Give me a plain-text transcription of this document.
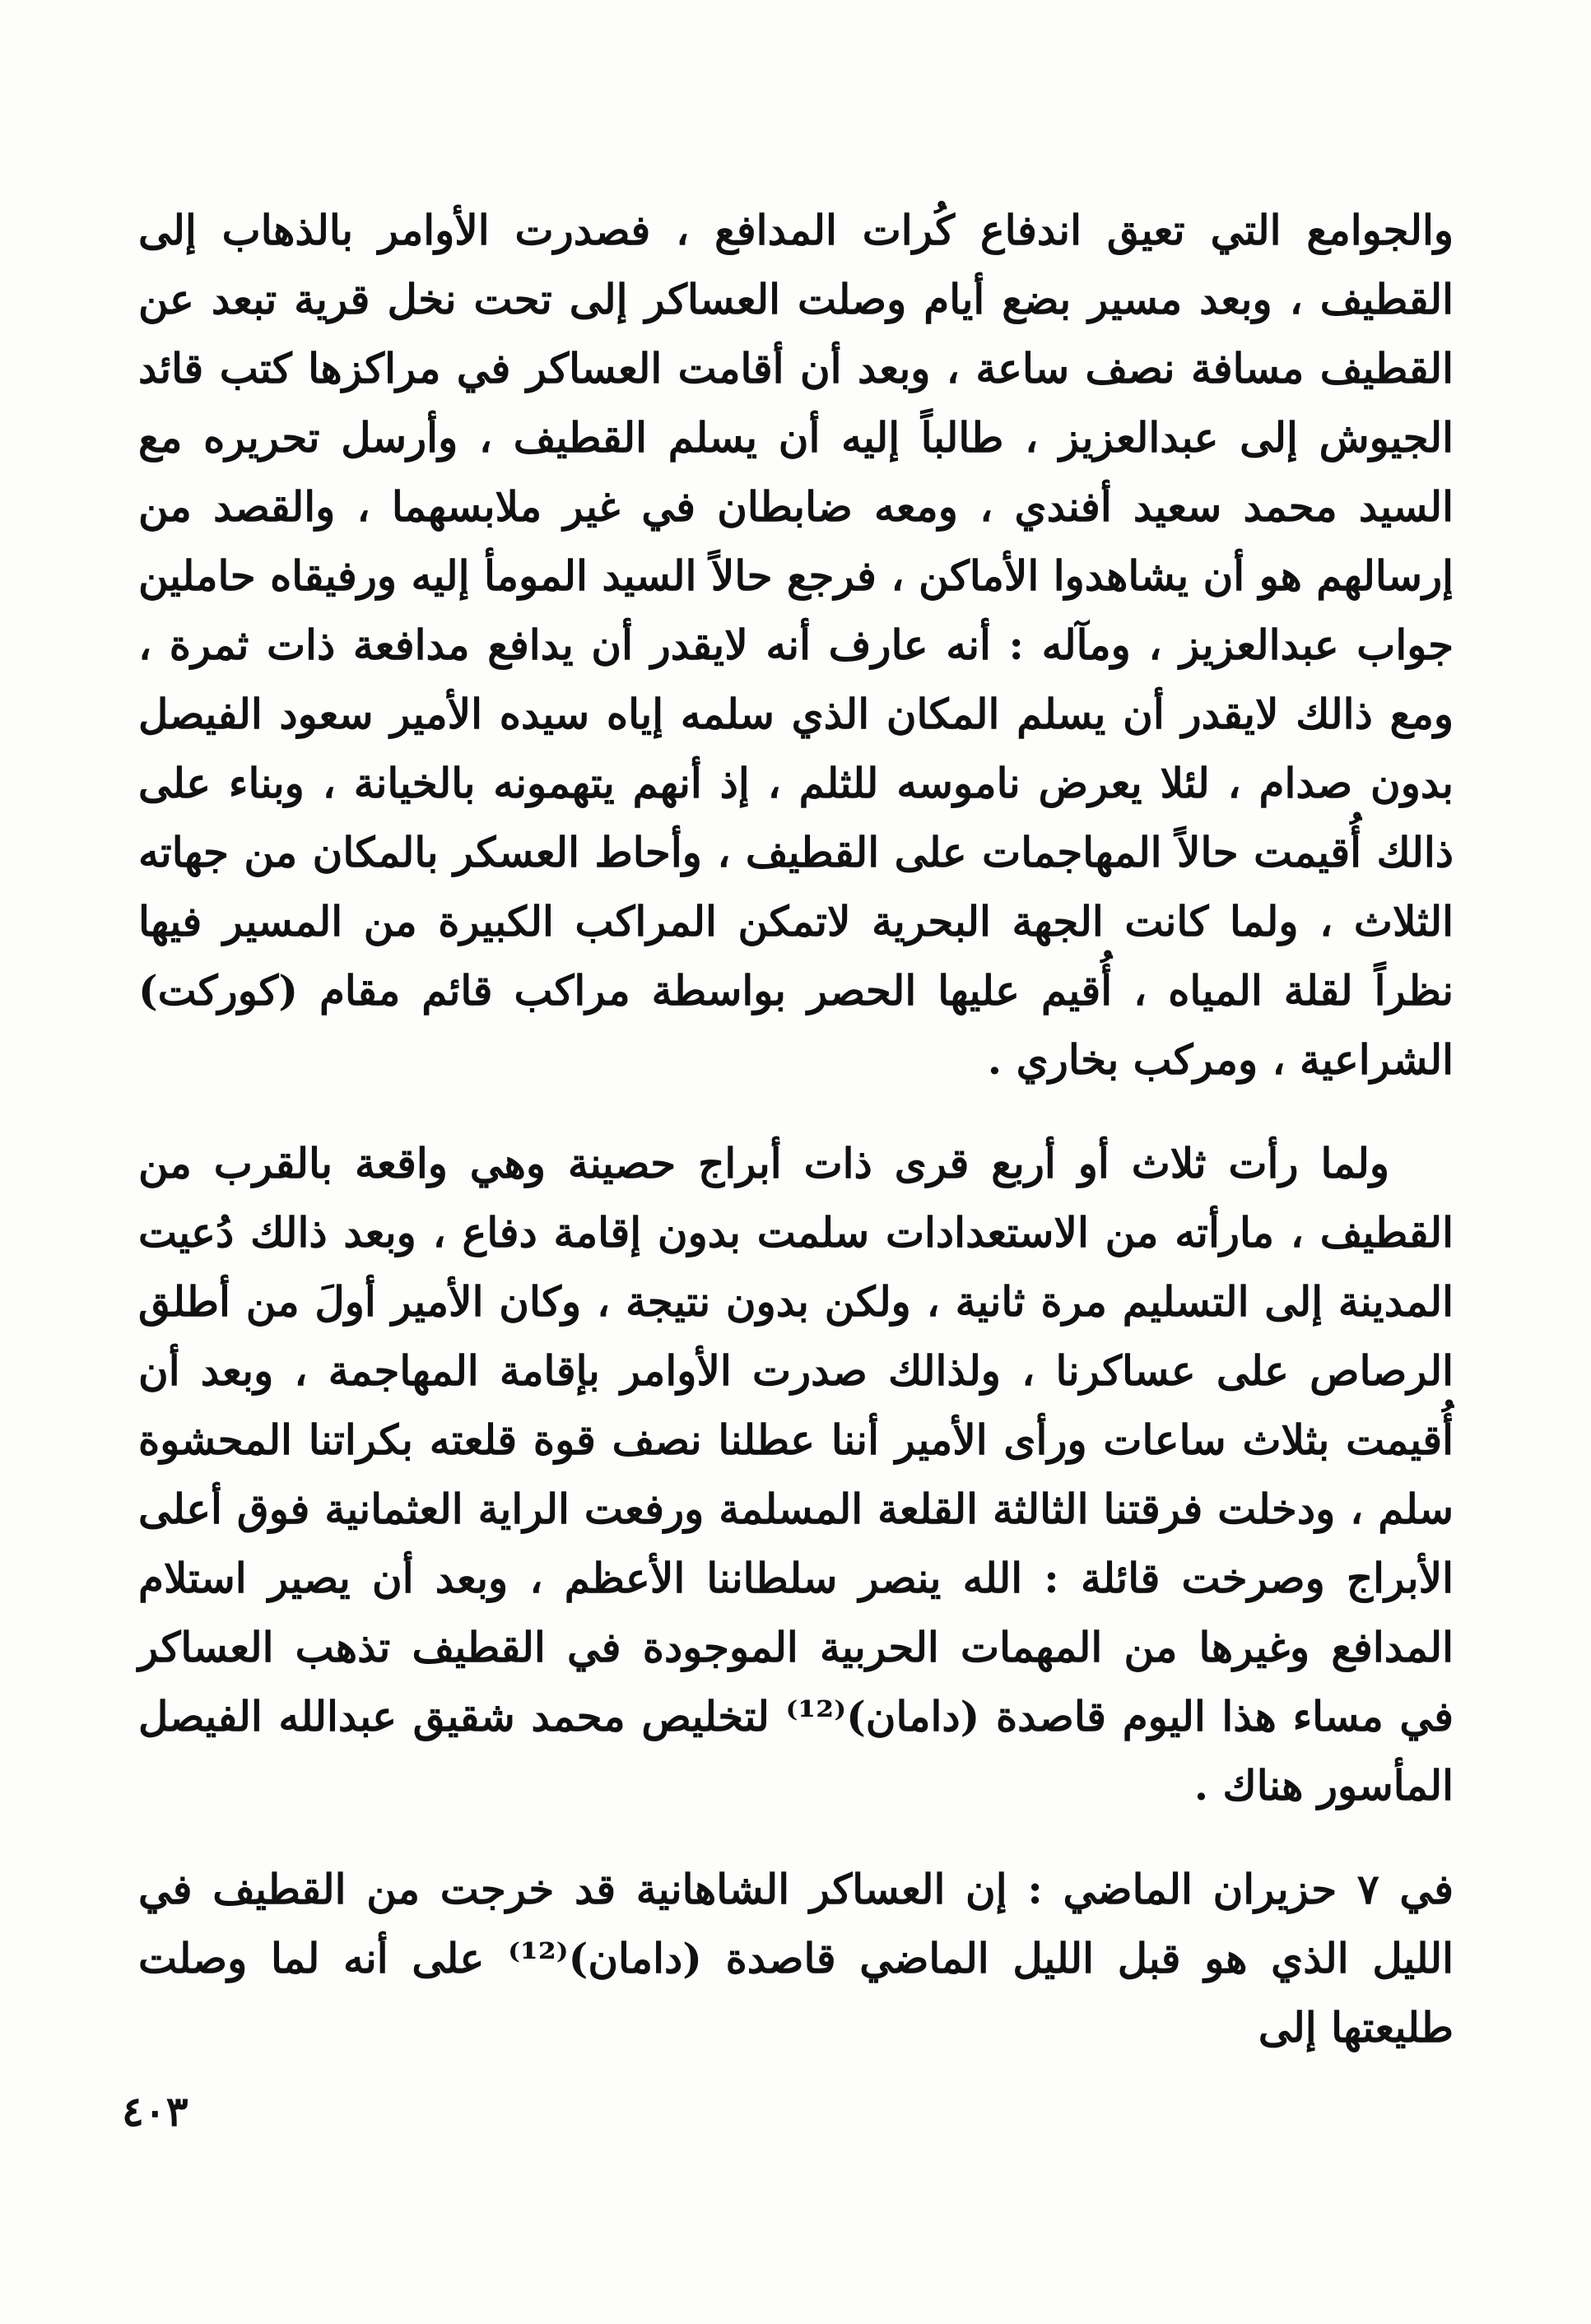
والجوامع التي تعيق اندفاع كُرات المدافع ، فصدرت الأوامر بالذهاب إلى القطيف ، وبعد مسير بضع أيام وصلت العساكر إلى تحت نخل قرية تبعد عن القطيف مسافة نصف ساعة ، وبعد أن أقامت العساكر في مراكزها كتب قائد الجيوش إلى عبدالعزيز ، طالباً إليه أن يسلم القطيف ، وأرسل تحريره مع السيد محمد سعيد أفندي ، ومعه ضابطان في غير ملابسهما ، والقصد من إرسالهم هو أن يشاهدوا الأماكن ، فرجع حالاً السيد المومأ إليه ورفيقاه حاملين جواب عبدالعزيز ، ومآله : أنه عارف أنه لايقدر أن يدافع مدافعة ذات ثمرة ، ومع ذالك لايقدر أن يسلم المكان الذي سلمه إياه سيده الأمير سعود الفيصل بدون صدام ، لئلا يعرض ناموسه للثلم ، إذ أنهم يتهمونه بالخيانة ، وبناء على ذالك أُقيمت حالاً المهاجمات على القطيف ، وأحاط العسكر بالمكان من جهاته الثلاث ، ولما كانت الجهة البحرية لاتمكن المراكب الكبيرة من المسير فيها نظراً لقلة المياه ، أُقيم عليها الحصر بواسطة مراكب قائم مقام (كوركت) الشراعية ، ومركب بخاري .

ولما رأت ثلاث أو أربع قرى ذات أبراج حصينة وهي واقعة بالقرب من القطيف ، مارأته من الاستعدادات سلمت بدون إقامة دفاع ، وبعد ذالك دُعيت المدينة إلى التسليم مرة ثانية ، ولكن بدون نتيجة ، وكان الأمير أولَ من أطلق الرصاص على عساكرنا ، ولذالك صدرت الأوامر بإقامة المهاجمة ، وبعد أن أُقيمت بثلاث ساعات ورأى الأمير أننا عطلنا نصف قوة قلعته بكراتنا المحشوة سلم ، ودخلت فرقتنا الثالثة القلعة المسلمة ورفعت الراية العثمانية فوق أعلى الأبراج وصرخت قائلة : الله ينصر سلطاننا الأعظم ، وبعد أن يصير استلام المدافع وغيرها من المهمات الحربية الموجودة في القطيف تذهب العساكر في مساء هذا اليوم قاصدة (دامان)⁽¹²⁾ لتخليص محمد شقيق عبدالله الفيصل المأسور هناك .

في ٧ حزيران الماضي : إن العساكر الشاهانية قد خرجت من القطيف في الليل الذي هو قبل الليل الماضي قاصدة (دامان)⁽¹²⁾ على أنه لما وصلت طليعتها إلى

٤٠٣
